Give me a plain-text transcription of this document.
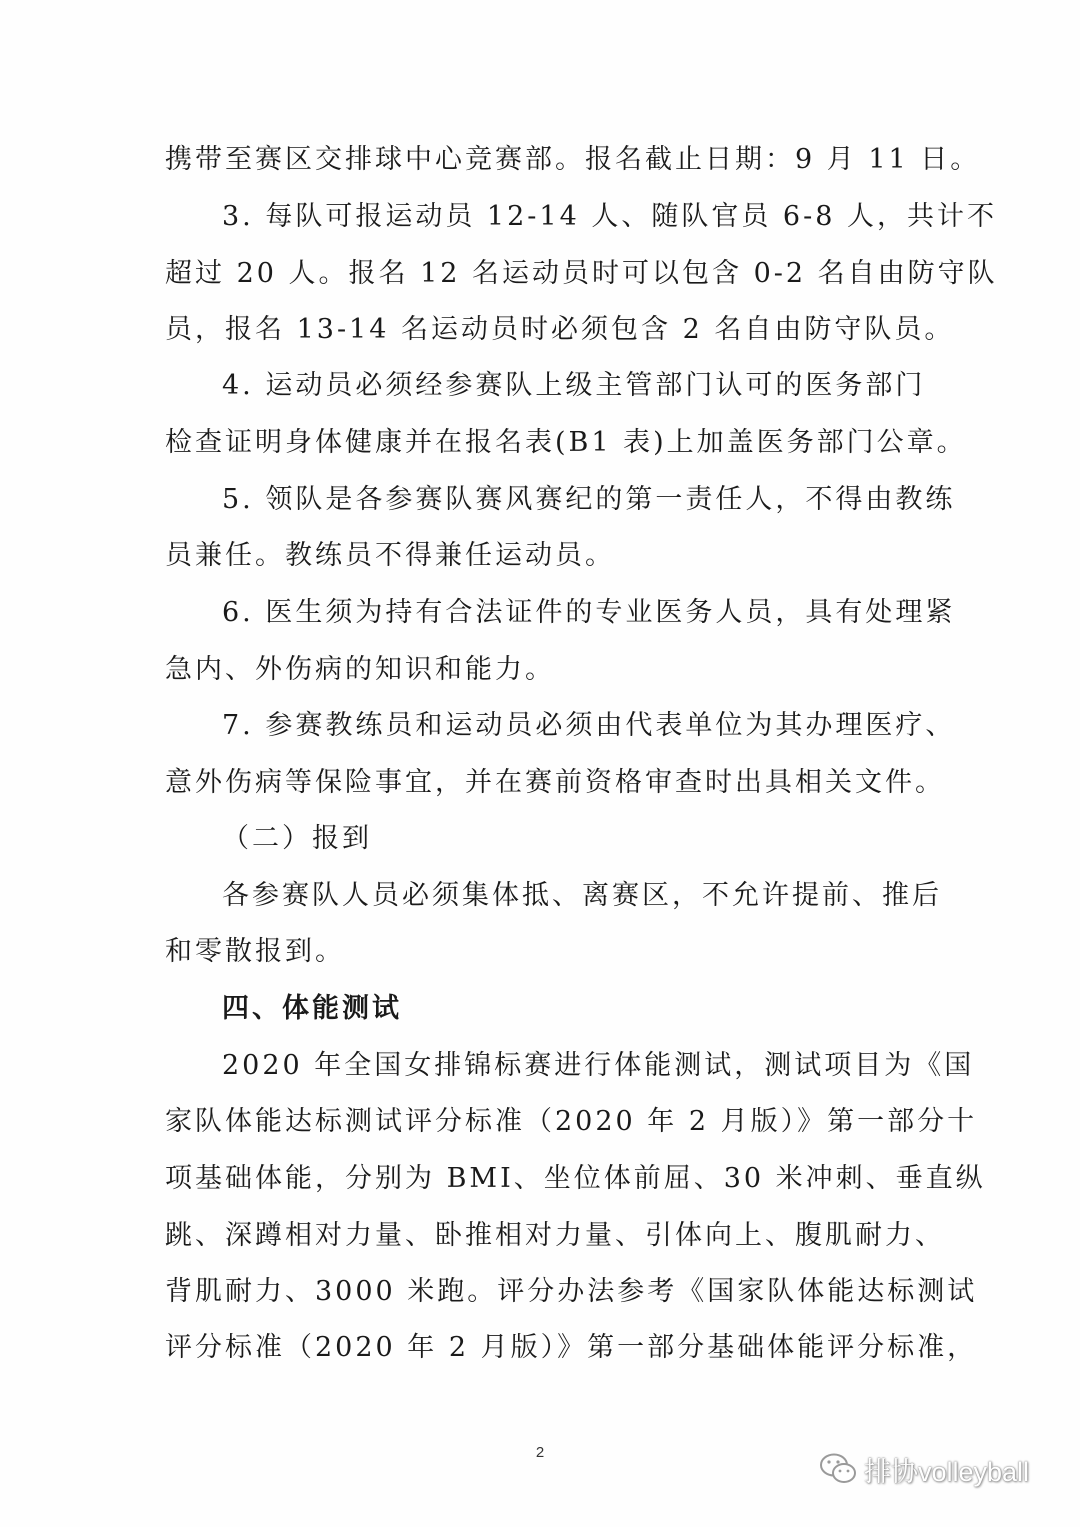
携带至赛区交排球中心竞赛部。报名截止日期：9 月 11 日。
3. 每队可报运动员 12-14 人、随队官员 6-8 人，共计不
超过 20 人。报名 12 名运动员时可以包含 0-2 名自由防守队
员，报名 13-14 名运动员时必须包含 2 名自由防守队员。
4. 运动员必须经参赛队上级主管部门认可的医务部门
检查证明身体健康并在报名表(B1 表)上加盖医务部门公章。
5. 领队是各参赛队赛风赛纪的第一责任人，不得由教练
员兼任。教练员不得兼任运动员。
6. 医生须为持有合法证件的专业医务人员，具有处理紧
急内、外伤病的知识和能力。
7. 参赛教练员和运动员必须由代表单位为其办理医疗、
意外伤病等保险事宜，并在赛前资格审查时出具相关文件。
（二）报到
各参赛队人员必须集体抵、离赛区，不允许提前、推后
和零散报到。
四、体能测试
2020 年全国女排锦标赛进行体能测试，测试项目为《国
家队体能达标测试评分标准（2020 年 2 月版）》第一部分十
项基础体能，分别为 BMI、坐位体前屈、30 米冲刺、垂直纵
跳、深蹲相对力量、卧推相对力量、引体向上、腹肌耐力、
背肌耐力、3000 米跑。评分办法参考《国家队体能达标测试
评分标准（2020 年 2 月版）》第一部分基础体能评分标准，
2
排协volleyball
